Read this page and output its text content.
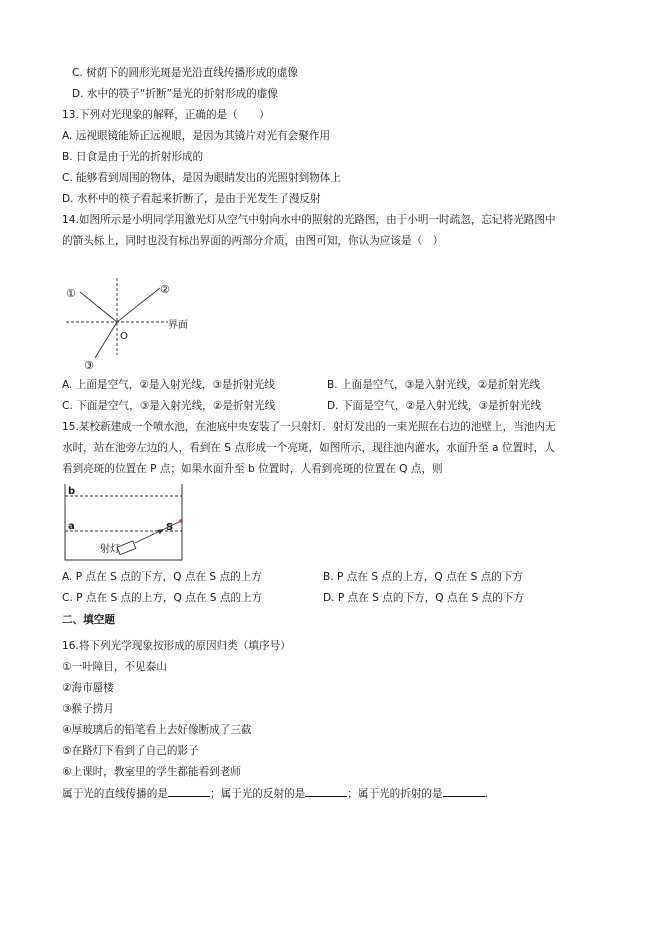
C. 树荫下的圆形光斑是光沿直线传播形成的虚像
D. 水中的筷子“折断”是光的折射形成的虚像
13.下列对光现象的解释，正确的是（　　）
A. 远视眼镜能矫正远视眼，是因为其镜片对光有会聚作用
B. 日食是由于光的折射形成的
C. 能够看到周围的物体，是因为眼睛发出的光照射到物体上
D. 水杯中的筷子看起来折断了，是由于光发生了漫反射
14.如图所示是小明同学用激光灯从空气中射向水中的照射的光路图，由于小明一时疏忽，忘记将光路图中
的箭头标上，同时也没有标出界面的两部分介质，由图可知，你认为应该是（　）
①	②
③
O
界面
A. 上面是空气，②是入射光线，③是折射光线	B. 上面是空气，③是入射光线，②是折射光线
C. 下面是空气，③是入射光线，②是折射光线	D. 下面是空气，②是入射光线，③是折射光线
15.某校新建成一个喷水池，在池底中央安装了一只射灯．射灯发出的一束光照在右边的池壁上，当池内无
水时，站在池旁左边的人，看到在 S 点形成一个亮斑，如图所示，现往池内灌水，水面升至 a 位置时，人
看到亮斑的位置在 P 点；如果水面升至 b 位置时，人看到亮斑的位置在 Q 点，则
b
a	S
射灯
A. P 点在 S 点的下方，Q 点在 S 点的上方	B. P 点在 S 点的上方，Q 点在 S 点的下方
C. P 点在 S 点的上方，Q 点在 S 点的上方	D. P 点在 S 点的下方，Q 点在 S 点的下方
二、填空题
16.将下列光学现象按形成的原因归类（填序号）
①一叶障目，不见泰山
②海市蜃楼
③猴子捞月
④厚玻璃后的铅笔看上去好像断成了三截
⑤在路灯下看到了自己的影子
⑥上课时，教室里的学生都能看到老师
属于光的直线传播的是	；属于光的反射的是	；属于光的折射的是	.
